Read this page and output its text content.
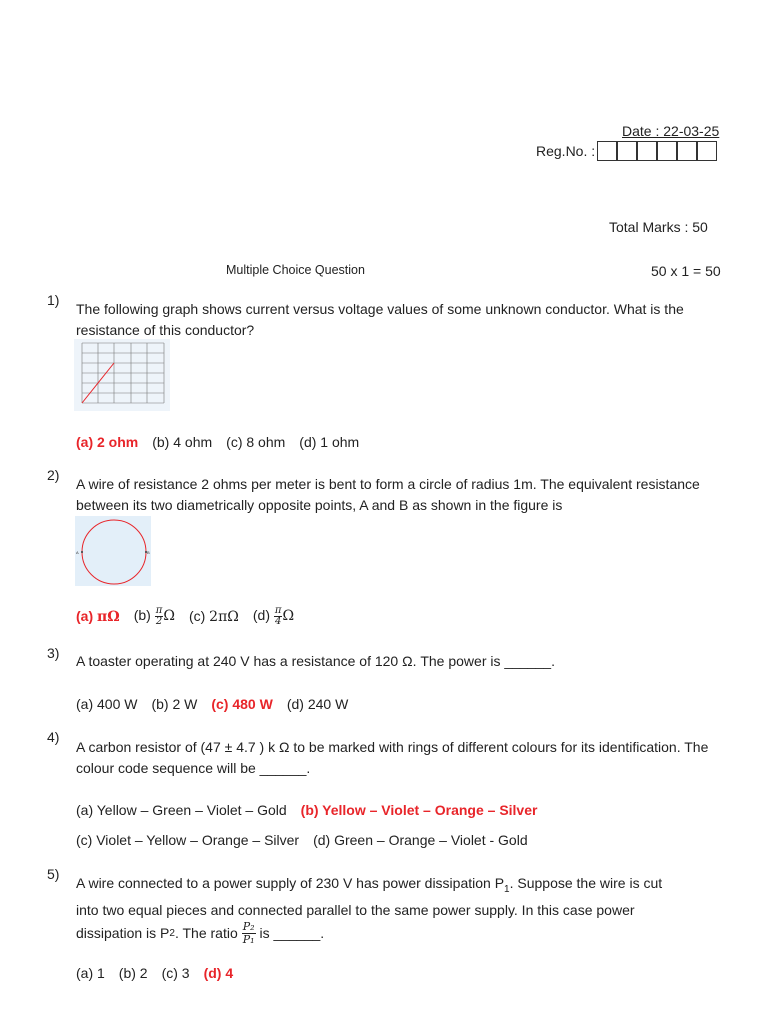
Date : 22-03-25
Reg.No. :
Total Marks : 50
Multiple Choice Question	50 x 1 = 50
1)
The following graph shows current versus voltage values of some unknown conductor. What is the resistance of this conductor?
(a) 2 ohm (b) 4 ohm (c) 8 ohm (d) 1 ohm
2)
A wire of resistance 2 ohms per meter is bent to form a circle of radius 1m. The equivalent resistance between its two diametrically opposite points, A and B as shown in the figure is
A	B
(a) πΩ $(b) \frac{\pi}{2}$ Ω (c) 2πΩ $(d) \frac{\pi}{4}$ Ω
3) A toaster operating at 240 V has a resistance of 120 Ω. The power is ______.
(a) 400 W (b) 2 W (c) 480 W (d) 240 W
4)
A carbon resistor of (47 ± 4.7 ) k Ω to be marked with rings of different colours for its identification. The colour code sequence will be ______.
(a) Yellow – Green – Violet – Gold (b) Yellow – Violet – Orange – Silver
(c) Violet – Yellow – Orange – Silver (d) Green – Orange – Violet - Gold
5)
A wire connected to a power supply of 230 V has power dissipation $P_1$. Suppose the wire is cut
into two equal pieces and connected parallel to the same power supply. In this case power
dissipation is P 2 . The ratio $\frac{\text{P₂}}{\text{P₁}}$ is ______.
(a) 1 (b) 2 (c) 3 (d) 4
